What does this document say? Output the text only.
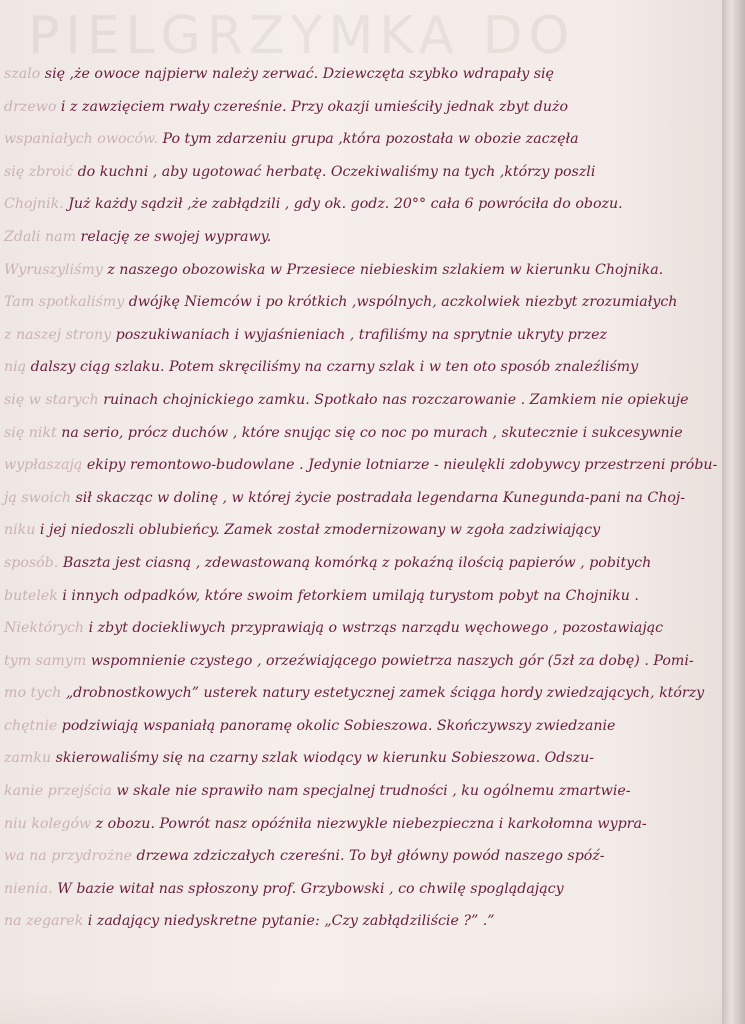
PIELGRZYMKA DO
szalo się ,że owoce najpierw należy zerwać. Dziewczęta szybko wdrapały się
drzewo i z zawzięciem rwały czereśnie. Przy okazji umieściły jednak zbyt dużo
wspaniałych owoców. Po tym zdarzeniu grupa ,która pozostała w obozie zaczęła
się zbroić do kuchni , aby ugotować herbatę. Oczekiwaliśmy na tych ,którzy poszli
Chojnik. Już każdy sądził ,że zabłądzili , gdy ok. godz. 20°° cała 6 powróciła do obozu.
Zdali nam relację ze swojej wyprawy.
Wyruszyliśmy z naszego obozowiska w Przesiece niebieskim szlakiem w kierunku Chojnika.
Tam spotkaliśmy dwójkę Niemców i po krótkich ,wspólnych, aczkolwiek niezbyt zrozumiałych
z naszej strony poszukiwaniach i wyjaśnieniach , trafiliśmy na sprytnie ukryty przez
nią dalszy ciąg szlaku. Potem skręciliśmy na czarny szlak i w ten oto sposób znaleźliśmy
się w starych ruinach chojnickiego zamku. Spotkało nas rozczarowanie . Zamkiem nie opiekuje
się nikt na serio, prócz duchów , które snując się co noc po murach , skutecznie i sukcesywnie
wypłaszają ekipy remontowo-budowlane . Jedynie lotniarze - nieulękli zdobywcy przestrzeni próbu-
ją swoich sił skacząc w dolinę , w której życie postradała legendarna Kunegunda-pani na Choj-
niku i jej niedoszli oblubieńcy. Zamek został zmodernizowany w zgoła zadziwiający
sposób. Baszta jest ciasną , zdewastowaną komórką z pokaźną ilością papierów , pobitych
butelek i innych odpadków, które swoim fetorkiem umilają turystom pobyt na Chojniku .
Niektórych i zbyt dociekliwych przyprawiają o wstrząs narządu węchowego , pozostawiając
tym samym wspomnienie czystego , orzeźwiającego powietrza naszych gór (5zł za dobę) . Pomi-
mo tych „drobnostkowych” usterek natury estetycznej zamek ściąga hordy zwiedzających, którzy
chętnie podziwiają wspaniałą panoramę okolic Sobieszowa. Skończywszy zwiedzanie
zamku skierowaliśmy się na czarny szlak wiodący w kierunku Sobieszowa. Odszu-
kanie przejścia w skale nie sprawiło nam specjalnej trudności , ku ogólnemu zmartwie-
niu kolegów z obozu. Powrót nasz opóźniła niezwykle niebezpieczna i karkołomna wypra-
wa na przydrożne drzewa zdziczałych czereśni. To był główny powód naszego spóź-
nienia. W bazie witał nas spłoszony prof. Grzybowski , co chwilę spoglądający
na zegarek i zadający niedyskretne pytanie: „Czy zabłądziliście ?” .”
